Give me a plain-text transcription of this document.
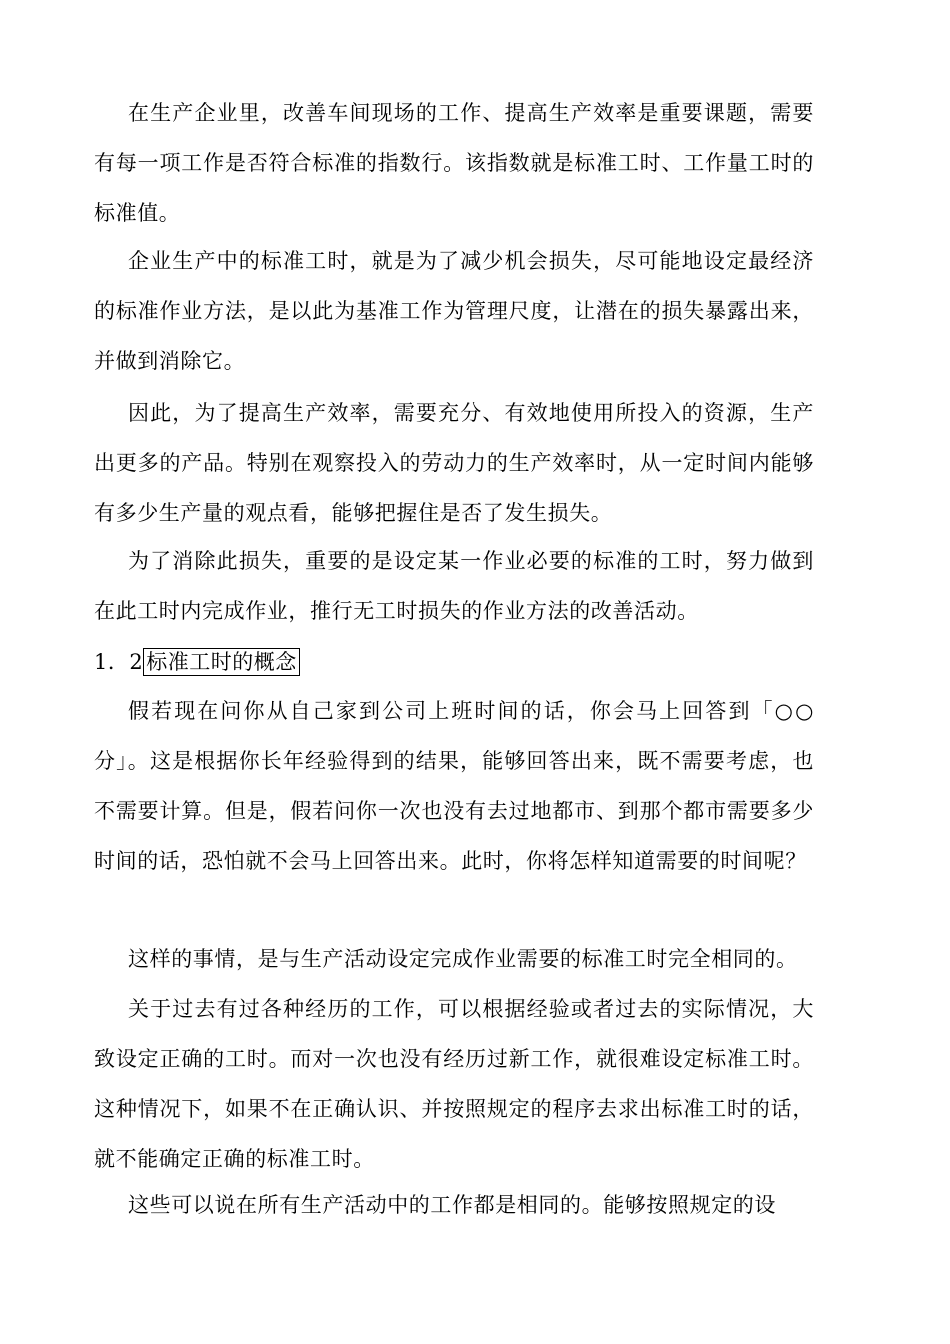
在生产企业里，改善车间现场的工作、提高生产效率是重要课题，需要有每一项工作是否符合标准的指数行。该指数就是标准工时、工作量工时的标准值。

企业生产中的标准工时，就是为了减少机会损失，尽可能地设定最经济的标准作业方法，是以此为基准工作为管理尺度，让潜在的损失暴露出来，并做到消除它。

因此，为了提高生产效率，需要充分、有效地使用所投入的资源，生产出更多的产品。特别在观察投入的劳动力的生产效率时，从一定时间内能够有多少生产量的观点看，能够把握住是否了发生损失。

为了消除此损失，重要的是设定某一作业必要的标准的工时，努力做到在此工时内完成作业，推行无工时损失的作业方法的改善活动。

1．2 标准工时的概念

假若现在问你从自己家到公司上班时间的话，你会马上回答到「○○分」。这是根据你长年经验得到的结果，能够回答出来，既不需要考虑，也不需要计算。但是，假若问你一次也没有去过地都市、到那个都市需要多少时间的话，恐怕就不会马上回答出来。此时，你将怎样知道需要的时间呢？

这样的事情，是与生产活动设定完成作业需要的标准工时完全相同的。

关于过去有过各种经历的工作，可以根据经验或者过去的实际情况，大致设定正确的工时。而对一次也没有经历过新工作，就很难设定标准工时。这种情况下，如果不在正确认识、并按照规定的程序去求出标准工时的话，就不能确定正确的标准工时。

这些可以说在所有生产活动中的工作都是相同的。能够按照规定的设
